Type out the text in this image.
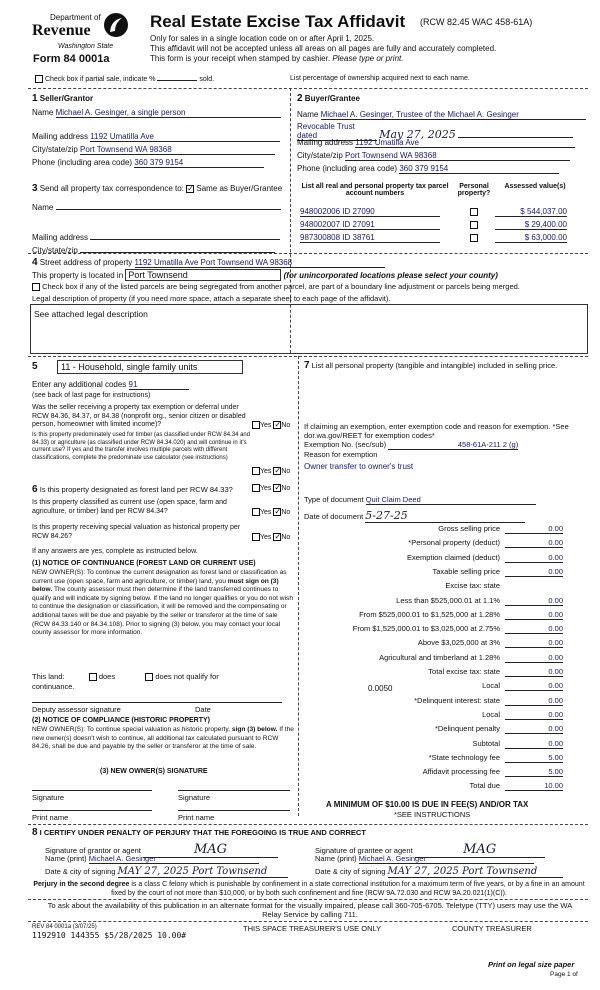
Department of
Revenue
Washington State
Form 84 0001a
Real Estate Excise Tax Affidavit (RCW 82.45 WAC 458-61A)
Only for sales in a single location code on or after April 1, 2025.
This affidavit will not be accepted unless all areas on all pages are fully and accurately completed.
This form is your receipt when stamped by cashier. Please type or print.
Check box if partial sale, indicate %	sold.	List percentage of ownership acquired next to each name.
1 Seller/Grantor
Name Michael A. Gesinger, a single person
Mailing address 1192 Umatilla Ave
City/state/zip Port Townsend WA 98368
Phone (including area code) 360 379 9154
2 Buyer/Grantee
Name Michael A. Gesinger, Trustee of the Michael A. Gesinger
Revocable Trust dated	May 27, 2025
Mailing address 1192 Umatilla Ave
City/state/zip Port Townsend WA 98368
Phone (including area code) 360 379 9154
3 Send all property tax correspondence to: ✓ Same as Buyer/Grantee
Name
Mailing address
City/state/zip
List all real and personal property tax parcel account numbers
Personal property?
Assessed value(s)
948002006 ID 27090	$ 544,037.00
948002007 ID 27091	$ 29,400.00
987300808 ID 38761	$ 63,000.00
4 Street address of property 1192 Umatilla Ave Port Townsend WA 98368
This property is located in Port Townsend	(for unincorporated locations please select your county)
Check box if any of the listed parcels are being segregated from another parcel, are part of a boundary line adjustment or parcels being merged.
Legal description of property (if you need more space, attach a separate sheet to each page of the affidavit).
See attached legal description
5	11 - Household, single family units
Enter any additional codes 91
(see back of last page for instructions)
Was the seller receiving a property tax exemption or deferral under RCW 84.36, 84.37, or 84.38 (nonprofit org., senior citizen or disabled person, homeowner with limited income)?	Yes ✓No
Is this property predominately used for timber (as classified under RCW 84.34 and 84.33) or agriculture (as classified under RCW 84.34.020) and will continue in it's current use? If yes and the transfer involves multiple parcels with different classifications, complete the predominate use calculator (see instructions)
Yes ✓No
6 Is this property designated as forest land per RCW 84.33?	Yes ✓No
Is this property classified as current use (open space, farm and agriculture, or timber) land per RCW 84.34?	Yes ✓No
Is this property receiving special valuation as historical property per RCW 84.26?	Yes ✓No
If any answers are yes, complete as instructed below.
(1) NOTICE OF CONTINUANCE (FOREST LAND OR CURRENT USE)
NEW OWNER(S): To continue the current designation as forest land or classification as current use (open space, farm and agriculture, or timber) land, you must sign on (3) below. The county assessor must then determine if the land transferred continues to qualify and will indicate by signing below. If the land no longer qualifies or you do not wish to continue the designation or classification, it will be removed and the compensating or additional taxes will be due and payable by the seller or transferor at the time of sale (RCW 84.33.140 or 84.34.108). Prior to signing (3) below, you may contact your local county assessor for more information.
This land:	does	does not qualify for
continuance.
Deputy assessor signature	Date
(2) NOTICE OF COMPLIANCE (HISTORIC PROPERTY)
NEW OWNER(S): To continue special valuation as historic property, sign (3) below. If the new owner(s) doesn't wish to continue, all additional tax calculated pursuant to RCW 84.26, shall be due and payable by the seller or transferor at the time of sale.
(3) NEW OWNER(S) SIGNATURE
Signature	Signature
Print name	Print name
7 List all personal property (tangible and intangible) included in selling price.
If claiming an exemption, enter exemption code and reason for exemption. *See dor.wa.gov/REET for exemption codes*
Exemption No. (sec/sub)	458-61A-211 2 (g)
Reason for exemption
Owner transfer to owner's trust
Type of document Quit Claim Deed
Date of document 5-27-25
Gross selling price	0.00
*Personal property (deduct)	0.00
Exemption claimed (deduct)	0.00
Taxable selling price	0.00
Excise tax: state
Less than $525,000.01 at 1.1%	0.00
From $525,000.01 to $1,525,000 at 1.28%	0.00
From $1,525,000.01 to $3,025,000 at 2.75%	0.00
Above $3,025,000 at 3%	0.00
Agricultural and timberland at 1.28%	0.00
Total excise tax: state	0.00
Local	0.00
*Delinquent interest: state	0.00
Local	0.00
*Delinquent penalty	0.00
Subtotal	0.00
*State technology fee	5.00
Affidavit processing fee	5.00
Total due	10.00
0.0050
A MINIMUM OF $10.00 IS DUE IN FEE(S) AND/OR TAX
*SEE INSTRUCTIONS
8 I CERTIFY UNDER PENALTY OF PERJURY THAT THE FOREGOING IS TRUE AND CORRECT
Signature of grantor or agent	MAG
Name (print) Michael A. Gesinger
Date & city of signing MAY 27, 2025 Port Townsend
Signature of grantee or agent	MAG
Name (print) Michael A. Gesinger
Date & city of signing MAY 27, 2025 Port Townsend
Perjury in the second degree is a class C felony which is punishable by confinement in a state correctional institution for a maximum term of five years, or by a fine in an amount fixed by the court of not more than $10,000, or by both such confinement and fine (RCW 9A.72.030 and RCW 9A.20.021(1)(C)).
To ask about the availability of this publication in an alternate format for the visually impaired, please call 360-705-6705. Teletype (TTY) users may use the WA Relay Service by calling 711.
REV 84 0001a (3/07/25)
1192910 144355 $5/28/2025 10.00#
THIS SPACE TREASURER'S USE ONLY	COUNTY TREASURER
Print on legal size paper
Page 1 of
